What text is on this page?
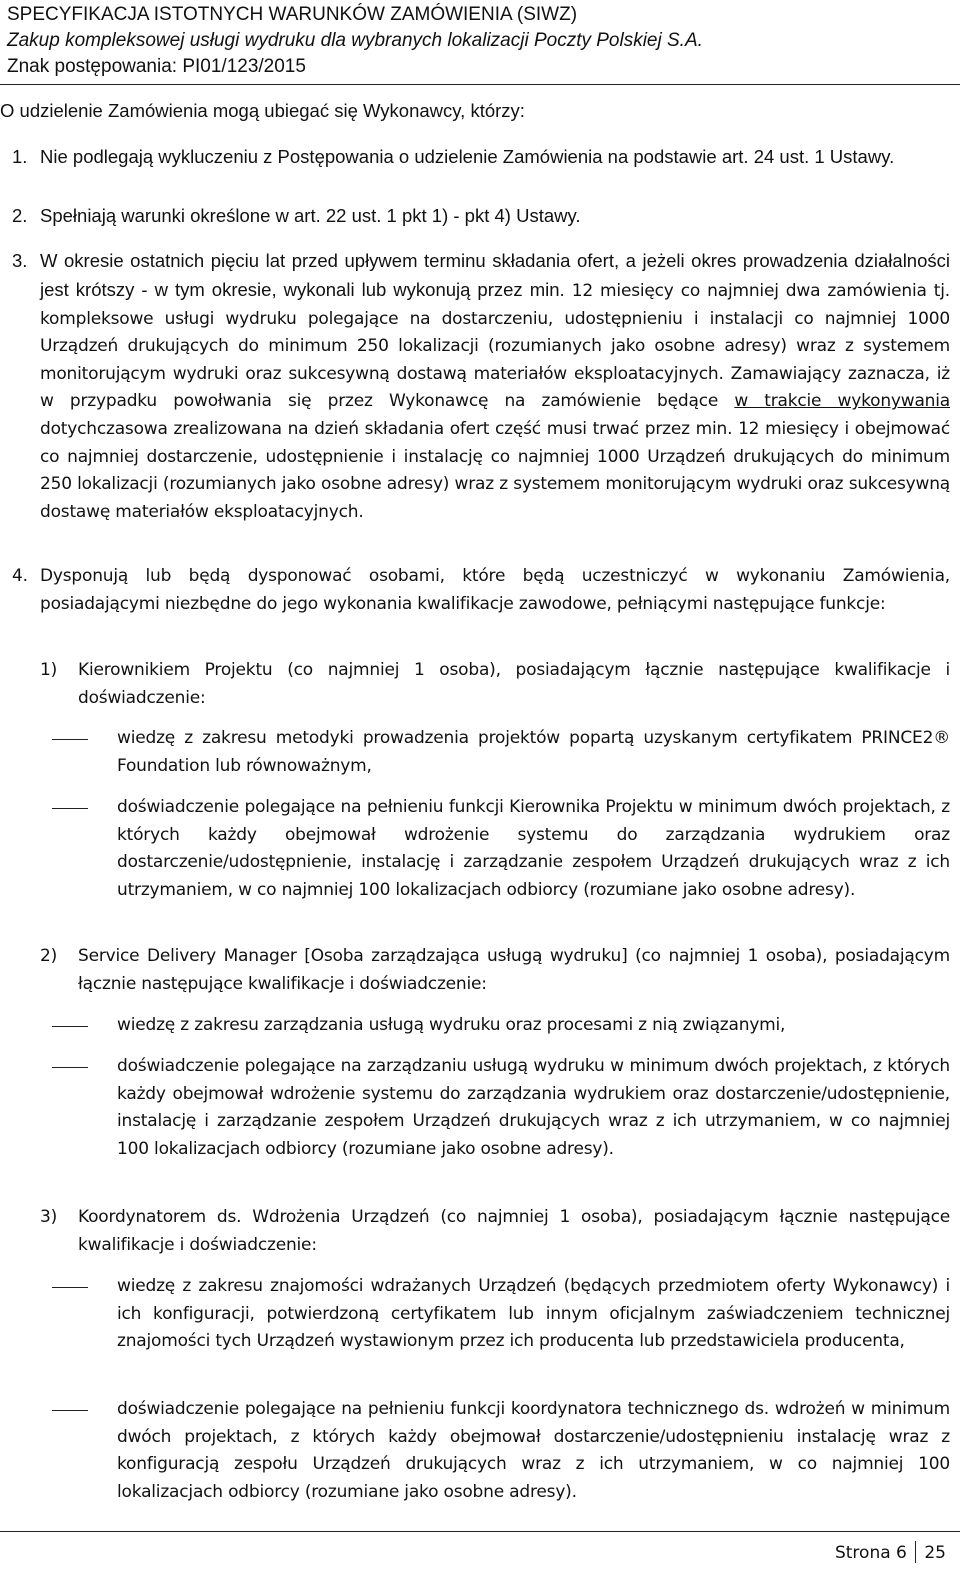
SPECYFIKACJA ISTOTNYCH WARUNKÓW ZAMÓWIENIA (SIWZ)
Zakup kompleksowej usługi wydruku dla wybranych lokalizacji Poczty Polskiej S.A.
Znak postępowania: PI01/123/2015
O udzielenie Zamówienia mogą ubiegać się Wykonawcy, którzy:
1. Nie podlegają wykluczeniu z Postępowania o udzielenie Zamówienia na podstawie art. 24 ust. 1 Ustawy.
2. Spełniają warunki określone w art. 22 ust. 1 pkt 1) - pkt 4) Ustawy.
3. W okresie ostatnich pięciu lat przed upływem terminu składania ofert, a jeżeli okres prowadzenia działalności jest krótszy - w tym okresie, wykonali lub wykonują przez min. 12 miesięcy co najmniej dwa zamówienia tj. kompleksowe usługi wydruku polegające na dostarczeniu, udostępnieniu i instalacji co najmniej 1000 Urządzeń drukujących do minimum 250 lokalizacji (rozumianych jako osobne adresy) wraz z systemem monitorującym wydruki oraz sukcesywną dostawą materiałów eksploatacyjnych. Zamawiający zaznacza, iż w przypadku powołwania się przez Wykonawcę na zamówienie będące w trakcie wykonywania dotychczasowa zrealizowana na dzień składania ofert część musi trwać przez min. 12 miesięcy i obejmować co najmniej dostarczenie, udostępnienie i instalację co najmniej 1000 Urządzeń drukujących do minimum 250 lokalizacji (rozumianych jako osobne adresy) wraz z systemem monitorującym wydruki oraz sukcesywną dostawę materiałów eksploatacyjnych.
4. Dysponują lub będą dysponować osobami, które będą uczestniczyć w wykonaniu Zamówienia, posiadającymi niezbędne do jego wykonania kwalifikacje zawodowe, pełniącymi następujące funkcje:
1) Kierownikiem Projektu (co najmniej 1 osoba), posiadającym łącznie następujące kwalifikacje i doświadczenie:
wiedzę z zakresu metodyki prowadzenia projektów popartą uzyskanym certyfikatem PRINCE2® Foundation lub równoważnym,
doświadczenie polegające na pełnieniu funkcji Kierownika Projektu w minimum dwóch projektach, z których każdy obejmował wdrożenie systemu do zarządzania wydrukiem oraz dostarczenie/udostępnienie, instalację i zarządzanie zespołem Urządzeń drukujących wraz z ich utrzymaniem, w co najmniej 100 lokalizacjach odbiorcy (rozumiane jako osobne adresy).
2) Service Delivery Manager [Osoba zarządzająca usługą wydruku] (co najmniej 1 osoba), posiadającym łącznie następujące kwalifikacje i doświadczenie:
wiedzę z zakresu zarządzania usługą wydruku oraz procesami z nią związanymi,
doświadczenie polegające na zarządzaniu usługą wydruku w minimum dwóch projektach, z których każdy obejmował wdrożenie systemu do zarządzania wydrukiem oraz dostarczenie/udostępnienie, instalację i zarządzanie zespołem Urządzeń drukujących wraz z ich utrzymaniem, w co najmniej 100 lokalizacjach odbiorcy (rozumiane jako osobne adresy).
3) Koordynatorem ds. Wdrożenia Urządzeń (co najmniej 1 osoba), posiadającym łącznie następujące kwalifikacje i doświadczenie:
wiedzę z zakresu znajomości wdrażanych Urządzeń (będących przedmiotem oferty Wykonawcy) i ich konfiguracji, potwierdzoną certyfikatem lub innym oficjalnym zaświadczeniem technicznej znajomości tych Urządzeń wystawionym przez ich producenta lub przedstawiciela producenta,
doświadczenie polegające na pełnieniu funkcji koordynatora technicznego ds. wdrożeń w minimum dwóch projektach, z których każdy obejmował dostarczenie/udostępnieniu instalację wraz z konfiguracją zespołu Urządzeń drukujących wraz z ich utrzymaniem, w co najmniej 100 lokalizacjach odbiorcy (rozumiane jako osobne adresy).
Strona 6 25
